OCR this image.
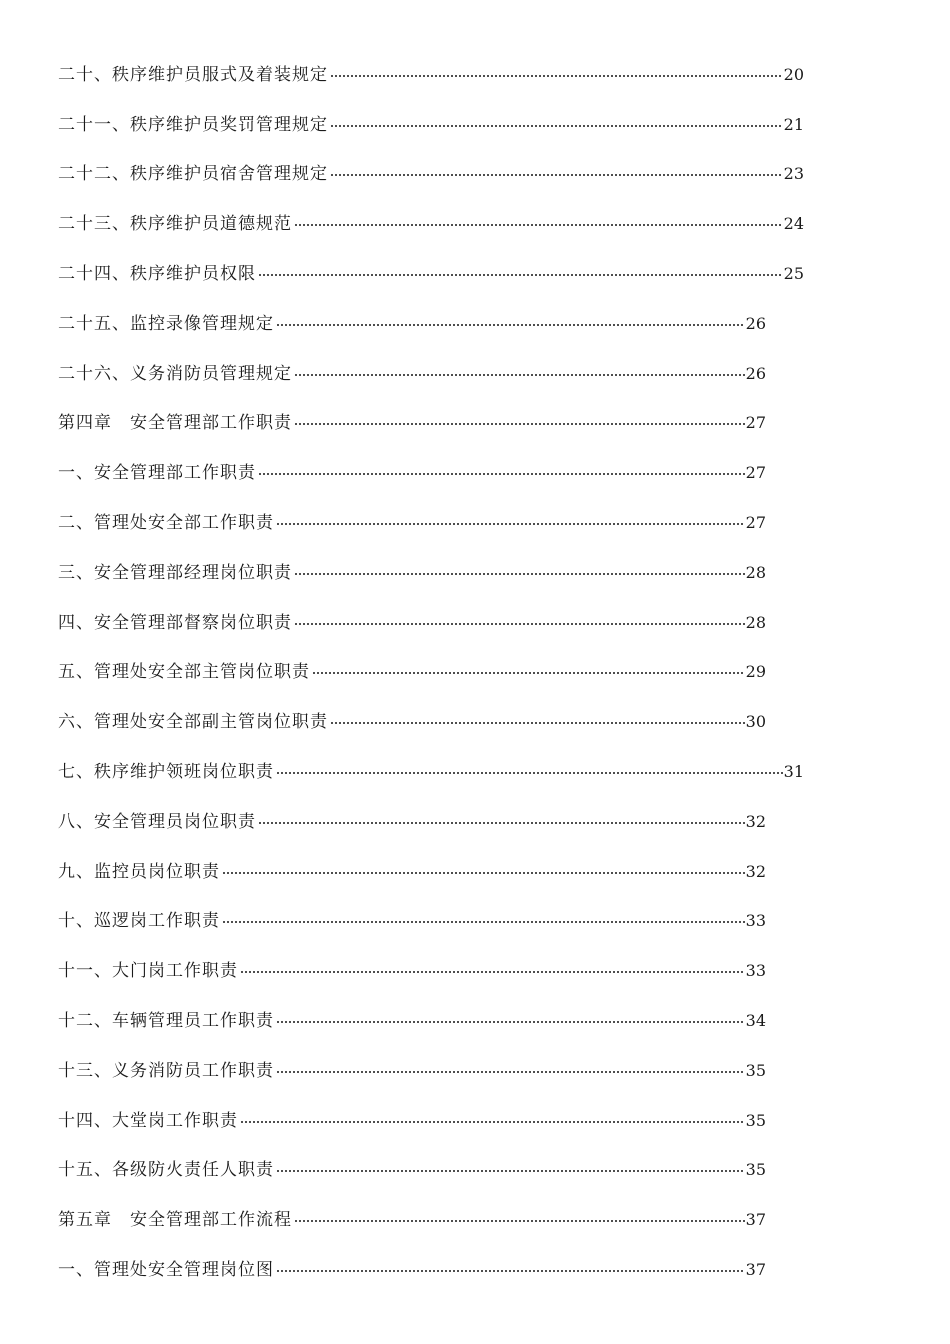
二十、秩序维护员服式及着装规定	20
二十一、秩序维护员奖罚管理规定	21
二十二、秩序维护员宿舍管理规定	23
二十三、秩序维护员道德规范	24
二十四、秩序维护员权限	25
二十五、监控录像管理规定	26
二十六、义务消防员管理规定	26
第四章　安全管理部工作职责	27
一、安全管理部工作职责	27
二、管理处安全部工作职责	27
三、安全管理部经理岗位职责	28
四、安全管理部督察岗位职责	28
五、管理处安全部主管岗位职责	29
六、管理处安全部副主管岗位职责	30
七、秩序维护领班岗位职责	31
八、安全管理员岗位职责	32
九、监控员岗位职责	32
十、巡逻岗工作职责	33
十一、大门岗工作职责	33
十二、车辆管理员工作职责	34
十三、义务消防员工作职责	35
十四、大堂岗工作职责	35
十五、各级防火责任人职责	35
第五章　安全管理部工作流程	37
一、管理处安全管理岗位图	37
